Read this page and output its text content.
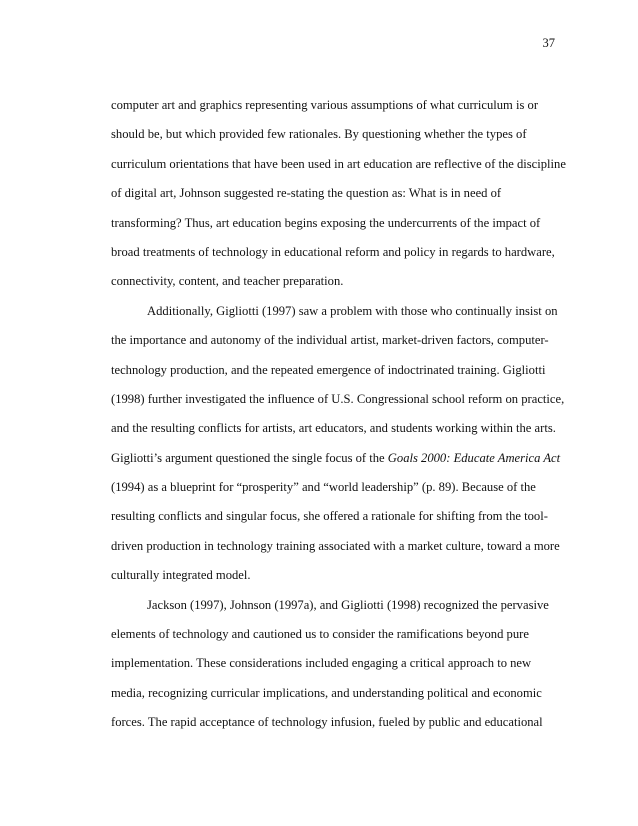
37
computer art and graphics representing various assumptions of what curriculum is or
should be, but which provided few rationales. By questioning whether the types of
curriculum orientations that have been used in art education are reflective of the discipline
of digital art, Johnson suggested re-stating the question as: What is in need of
transforming? Thus, art education begins exposing the undercurrents of the impact of
broad treatments of technology in educational reform and policy in regards to hardware,
connectivity, content, and teacher preparation.
Additionally, Gigliotti (1997) saw a problem with those who continually insist on
the importance and autonomy of the individual artist, market-driven factors, computer-
technology production, and the repeated emergence of indoctrinated training. Gigliotti
(1998) further investigated the influence of U.S. Congressional school reform on practice,
and the resulting conflicts for artists, art educators, and students working within the arts.
Gigliotti’s argument questioned the single focus of the Goals 2000: Educate America Act
(1994) as a blueprint for “prosperity” and “world leadership” (p. 89). Because of the
resulting conflicts and singular focus, she offered a rationale for shifting from the tool-
driven production in technology training associated with a market culture, toward a more
culturally integrated model.
Jackson (1997), Johnson (1997a), and Gigliotti (1998) recognized the pervasive
elements of technology and cautioned us to consider the ramifications beyond pure
implementation. These considerations included engaging a critical approach to new
media, recognizing curricular implications, and understanding political and economic
forces. The rapid acceptance of technology infusion, fueled by public and educational
